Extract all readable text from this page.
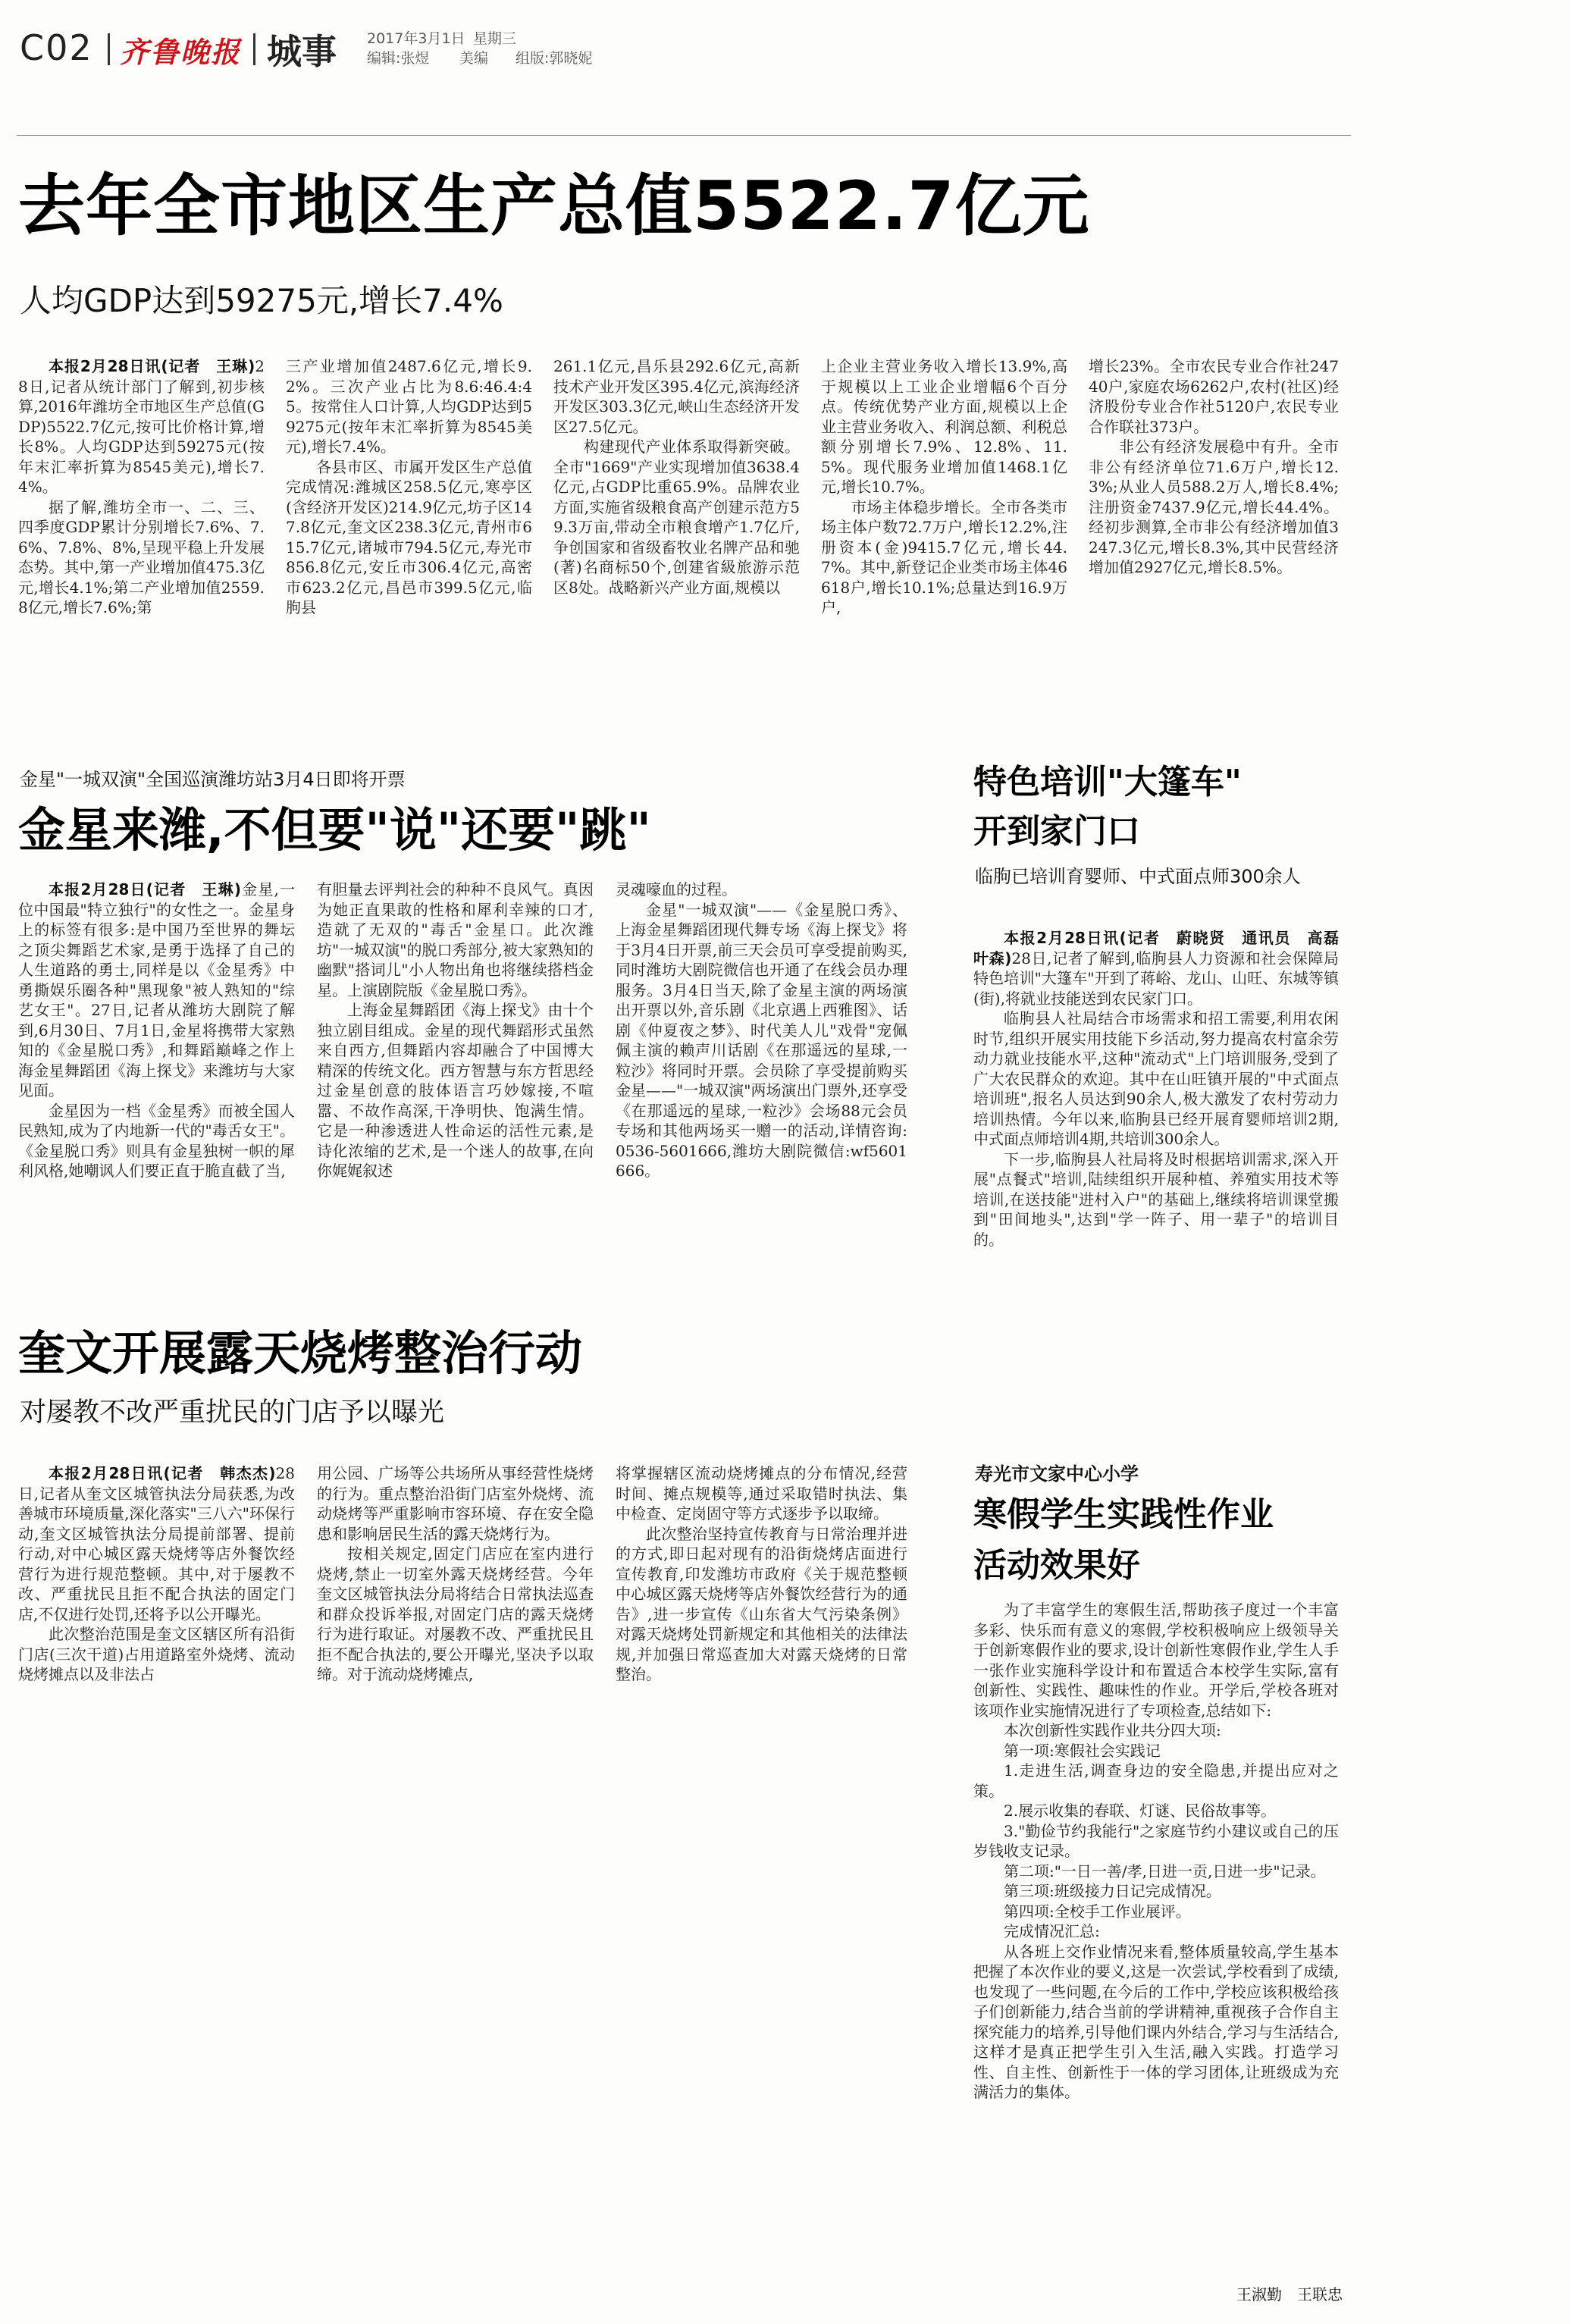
C02 齐鲁晚报 城事 2017年3月1日 星期三
编辑:张煜 美编 组版:郭晓妮
去年全市地区生产总值5522.7亿元
人均GDP达到59275元,增长7.4%

本报2月28日讯(记者　王琳)28日,记者从统计部门了解到,初步核算,2016年潍坊全市地区生产总值(GDP)5522.7亿元,按可比价格计算,增长8%。人均GDP达到59275元(按年末汇率折算为8545美元),增长7.4%。

据了解,潍坊全市一、二、三、四季度GDP累计分别增长7.6%、7.6%、7.8%、8%,呈现平稳上升发展态势。其中,第一产业增加值475.3亿元,增长4.1%;第二产业增加值2559.8亿元,增长7.6%;第

三产业增加值2487.6亿元,增长9.2%。三次产业占比为8.6:46.4:45。按常住人口计算,人均GDP达到59275元(按年末汇率折算为8545美元),增长7.4%。

各县市区、市属开发区生产总值完成情况:潍城区258.5亿元,寒亭区(含经济开发区)214.9亿元,坊子区147.8亿元,奎文区238.3亿元,青州市615.7亿元,诸城市794.5亿元,寿光市856.8亿元,安丘市306.4亿元,高密市623.2亿元,昌邑市399.5亿元,临朐县

261.1亿元,昌乐县292.6亿元,高新技术产业开发区395.4亿元,滨海经济开发区303.3亿元,峡山生态经济开发区27.5亿元。

构建现代产业体系取得新突破。全市"1669"产业实现增加值3638.4亿元,占GDP比重65.9%。品牌农业方面,实施省级粮食高产创建示范方59.3万亩,带动全市粮食增产1.7亿斤,争创国家和省级畜牧业名牌产品和驰(著)名商标50个,创建省級旅游示范区8处。战略新兴产业方面,规模以

上企业主营业务收入增长13.9%,高于规模以上工业企业增幅6个百分点。传统优势产业方面,规模以上企业主营业务收入、利润总额、利税总额分别增长7.9%、12.8%、11.5%。现代服务业增加值1468.1亿元,增长10.7%。

市场主体稳步增长。全市各类市场主体户数72.7万户,增长12.2%,注册资本(金)9415.7亿元,增长44.7%。其中,新登记企业类市场主体46618户,增长10.1%;总量达到16.9万户,

增长23%。全市农民专业合作社24740户,家庭农场6262户,农村(社区)经济股份专业合作社5120户,农民专业合作联社373户。

非公有经济发展稳中有升。全市非公有经济单位71.6万户,增长12.3%;从业人员588.2万人,增长8.4%;注册资金7437.9亿元,增长44.4%。经初步测算,全市非公有经济增加值3247.3亿元,增长8.3%,其中民营经济增加值2927亿元,增长8.5%。

金星"一城双演"全国巡演潍坊站3月4日即将开票
金星来潍,不但要"说"还要"跳"

本报2月28日(记者　王琳)金星,一位中国最"特立独行"的女性之一。金星身上的标签有很多:是中国乃至世界的舞坛之顶尖舞蹈艺术家,是勇于选择了自己的人生道路的勇士,同样是以《金星秀》中勇撕娱乐圈各种"黑现象"被人熟知的"综艺女王"。27日,记者从潍坊大剧院了解到,6月30日、7月1日,金星将携带大家熟知的《金星脱口秀》,和舞蹈巅峰之作上海金星舞蹈团《海上探戈》来潍坊与大家见面。

金星因为一档《金星秀》而被全国人民熟知,成为了内地新一代的"毒舌女王"。《金星脱口秀》则具有金星独树一帜的犀利风格,她嘲讽人们要正直于脆直截了当,

有胆量去评判社会的种种不良风气。真因为她正直果敢的性格和犀利幸辣的口才,造就了无双的"毒舌"金星口。此次潍坊"一城双演"的脱口秀部分,被大家熟知的幽默"搭词儿"小人物出角也将继续搭档金星。上演剧院版《金星脱口秀》。

上海金星舞蹈团《海上探戈》由十个独立剧目组成。金星的现代舞蹈形式虽然来自西方,但舞蹈内容却融合了中国博大精深的传统文化。西方智慧与东方哲思经过金星创意的肢体语言巧妙嫁接,不喧嚣、不故作高深,干净明快、饱满生情。它是一种渗透进人性命运的活性元素,是诗化浓缩的艺术,是一个迷人的故事,在向你娓娓叙述

灵魂嚎血的过程。

金星"一城双演"——《金星脱口秀》、上海金星舞蹈团现代舞专场《海上探戈》将于3月4日开票,前三天会员可享受提前购买,同时潍坊大剧院微信也开通了在线会员办理服务。3月4日当天,除了金星主演的两场演出开票以外,音乐剧《北京遇上西雅图》、话剧《仲夏夜之梦》、时代美人儿"戏骨"宠佩佩主演的赖声川话剧《在那遥远的星球,一粒沙》将同时开票。会员除了享受提前购买金星——"一城双演"两场演出门票外,还享受《在那遥远的星球,一粒沙》会场88元会员专场和其他两场买一赠一的活动,详情咨询:0536-5601666,潍坊大剧院微信:wf5601666。

奎文开展露天烧烤整治行动
对屡教不改严重扰民的门店予以曝光

本报2月28日讯(记者　韩杰杰)28日,记者从奎文区城管执法分局获悉,为改善城市环境质量,深化落实"三八六"环保行动,奎文区城管执法分局提前部署、提前行动,对中心城区露天烧烤等店外餐饮经营行为进行规范整顿。其中,对于屡教不改、严重扰民且拒不配合执法的固定门店,不仅进行处罚,还将予以公开曝光。

此次整治范围是奎文区辖区所有沿街门店(三次干道)占用道路室外烧烤、流动烧烤摊点以及非法占

用公园、广场等公共场所从事经营性烧烤的行为。重点整治沿街门店室外烧烤、流动烧烤等严重影响市容环境、存在安全隐患和影响居民生活的露天烧烤行为。

按相关规定,固定门店应在室内进行烧烤,禁止一切室外露天烧烤经营。今年奎文区城管执法分局将结合日常执法巡查和群众投诉举报,对固定门店的露天烧烤行为进行取证。对屡教不改、严重扰民且拒不配合执法的,要公开曝光,坚决予以取缔。对于流动烧烤摊点,

将掌握辖区流动烧烤摊点的分布情况,经营时间、摊点规模等,通过采取错时执法、集中检查、定岗固守等方式逐步予以取缔。

此次整治坚持宣传教育与日常治理并进的方式,即日起对现有的沿街烧烤店面进行宣传教育,印发潍坊市政府《关于规范整顿中心城区露天烧烤等店外餐饮经营行为的通告》,进一步宣传《山东省大气污染条例》对露天烧烤处罚新规定和其他相关的法律法规,并加强日常巡查加大对露天烧烤的日常整治。

特色培训"大篷车"
开到家门口
临朐已培训育婴师、中式面点师300余人

本报2月28日讯(记者　蔚晓贤　通讯员　高磊　叶森)28日,记者了解到,临朐县人力资源和社会保障局特色培训"大篷车"开到了蒋峪、龙山、山旺、东城等镇(街),将就业技能送到农民家门口。

临朐县人社局结合市场需求和招工需要,利用农闲时节,组织开展实用技能下乡活动,努力提高农村富余劳动力就业技能水平,这种"流动式"上门培训服务,受到了广大农民群众的欢迎。其中在山旺镇开展的"中式面点培训班",报名人员达到90余人,极大激发了农村劳动力培训热情。今年以来,临朐县已经开展育婴师培训2期,中式面点师培训4期,共培训300余人。

下一步,临朐县人社局将及时根据培训需求,深入开展"点餐式"培训,陆续组织开展种植、养殖实用技术等培训,在送技能"进村入户"的基础上,继续将培训课堂搬到"田间地头",达到"学一阵子、用一辈子"的培训目的。

寿光市文家中心小学
寒假学生实践性作业
活动效果好

为了丰富学生的寒假生活,帮助孩子度过一个丰富多彩、快乐而有意义的寒假,学校积极响应上级领导关于创新寒假作业的要求,设计创新性寒假作业,学生人手一张作业实施科学设计和布置适合本校学生实际,富有创新性、实践性、趣味性的作业。开学后,学校各班对该项作业实施情况进行了专项检查,总结如下:

本次创新性实践作业共分四大项:

第一项:寒假社会实践记

1.走进生活,调查身边的安全隐患,并提出应对之策。

2.展示收集的春联、灯谜、民俗故事等。

3."勤俭节约我能行"之家庭节约小建议或自己的压岁钱收支记录。

第二项:"一日一善/孝,日进一贡,日进一步"记录。

第三项:班级接力日记完成情况。

第四项:全校手工作业展评。

完成情况汇总:

从各班上交作业情况来看,整体质量较高,学生基本把握了本次作业的要义,这是一次尝试,学校看到了成绩,也发现了一些问题,在今后的工作中,学校应该积极给孩子们创新能力,结合当前的学讲精神,重视孩子合作自主探究能力的培养,引导他们课内外结合,学习与生活结合,这样才是真正把学生引入生活,融入实践。打造学习性、自主性、创新性于一体的学习团体,让班级成为充满活力的集体。

王淑勤　王联忠
